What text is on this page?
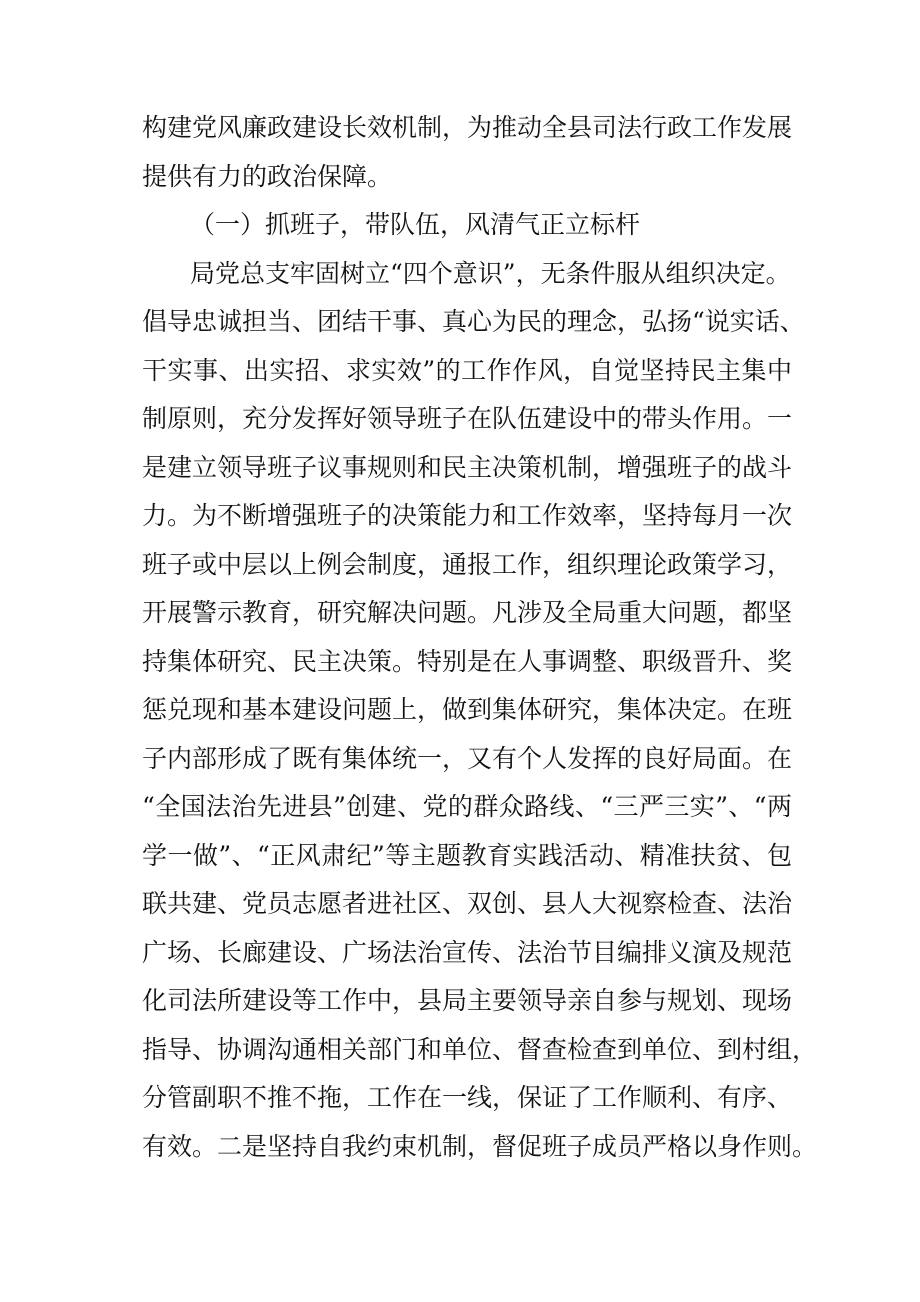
构建党风廉政建设长效机制，为推动全县司法行政工作发展
提供有力的政治保障。
（一）抓班子，带队伍，风清气正立标杆
局党总支牢固树立“四个意识”，无条件服从组织决定。
倡导忠诚担当、团结干事、真心为民的理念，弘扬“说实话、
干实事、出实招、求实效”的工作作风，自觉坚持民主集中
制原则，充分发挥好领导班子在队伍建设中的带头作用。一
是建立领导班子议事规则和民主决策机制，增强班子的战斗
力。为不断增强班子的决策能力和工作效率，坚持每月一次
班子或中层以上例会制度，通报工作，组织理论政策学习，
开展警示教育，研究解决问题。凡涉及全局重大问题，都坚
持集体研究、民主决策。特别是在人事调整、职级晋升、奖
惩兑现和基本建设问题上，做到集体研究，集体决定。在班
子内部形成了既有集体统一，又有个人发挥的良好局面。在
“全国法治先进县”创建、党的群众路线、“三严三实”、“两
学一做”、“正风肃纪”等主题教育实践活动、精准扶贫、包
联共建、党员志愿者进社区、双创、县人大视察检查、法治
广场、长廊建设、广场法治宣传、法治节目编排义演及规范
化司法所建设等工作中，县局主要领导亲自参与规划、现场
指导、协调沟通相关部门和单位、督查检查到单位、到村组，
分管副职不推不拖，工作在一线，保证了工作顺利、有序、
有效。二是坚持自我约束机制，督促班子成员严格以身作则。
